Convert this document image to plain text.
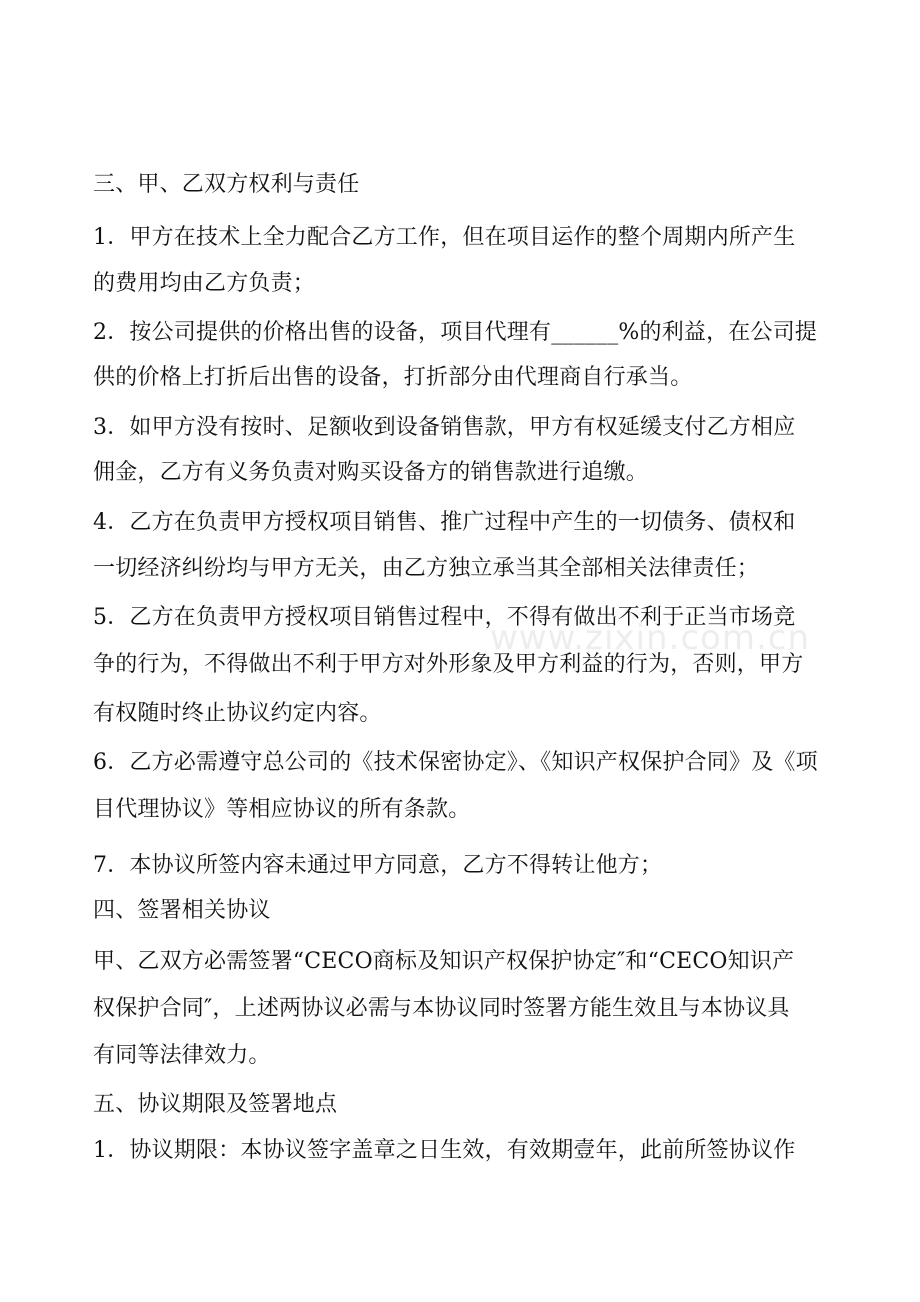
www.zixin.com.cn
三、甲、乙双方权利与责任
1．甲方在技术上全力配合乙方工作，但在项目运作的整个周期内所产生
的费用均由乙方负责；
2．按公司提供的价格出售的设备，项目代理有______%的利益，在公司提
供的价格上打折后出售的设备，打折部分由代理商自行承当。
3．如甲方没有按时、足额收到设备销售款，甲方有权延缓支付乙方相应
佣金，乙方有义务负责对购买设备方的销售款进行追缴。
4．乙方在负责甲方授权项目销售、推广过程中产生的一切债务、债权和
一切经济纠纷均与甲方无关，由乙方独立承当其全部相关法律责任；
5．乙方在负责甲方授权项目销售过程中，不得有做出不利于正当市场竞
争的行为，不得做出不利于甲方对外形象及甲方利益的行为，否则，甲方
有权随时终止协议约定内容。
6．乙方必需遵守总公司的《技术保密协定》、《知识产权保护合同》及《项
目代理协议》等相应协议的所有条款。
7．本协议所签内容未通过甲方同意，乙方不得转让他方；
四、签署相关协议
甲、乙双方必需签署“CECO商标及知识产权保护协定″和“CECO知识产
权保护合同″，上述两协议必需与本协议同时签署方能生效且与本协议具
有同等法律效力。
五、协议期限及签署地点
1．协议期限：本协议签字盖章之日生效，有效期壹年，此前所签协议作
